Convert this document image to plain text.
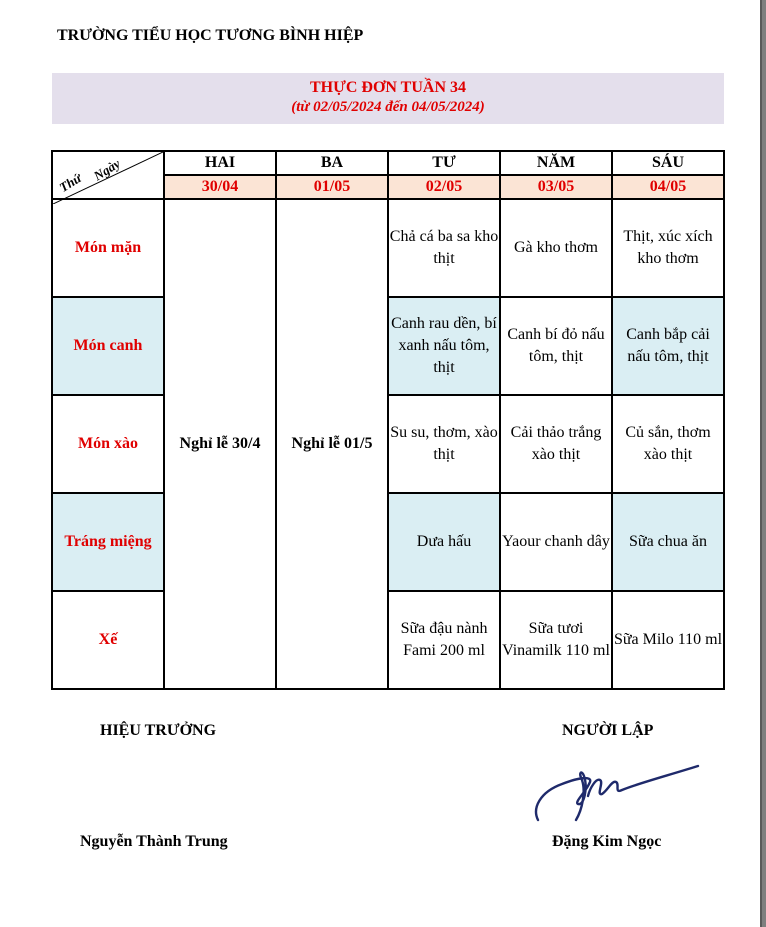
TRƯỜNG TIỂU HỌC TƯƠNG BÌNH HIỆP
THỰC ĐƠN TUẦN 34
(từ 02/05/2024 đến 04/05/2024)
Thứ Ngày	HAI	BA	TƯ	NĂM	SÁU
	30/04	01/05	02/05	03/05	04/05
Món mặn	Nghỉ lễ 30/4	Nghỉ lễ 01/5	Chả cá ba sa kho thịt	Gà kho thơm	Thịt, xúc xích kho thơm
Món canh			Canh rau dền, bí xanh nấu tôm, thịt	Canh bí đỏ nấu tôm, thịt	Canh bắp cải nấu tôm, thịt
Món xào			Su su, thơm, xào thịt	Cải thảo trắng xào thịt	Củ sắn, thơm xào thịt
Tráng miệng			Dưa hấu	Yaour chanh dây	Sữa chua ăn
Xế			Sữa đậu nành Fami 200 ml	Sữa tươi Vinamilk 110 ml	Sữa Milo 110 ml
HIỆU TRƯỞNG	NGƯỜI LẬP
Nguyễn Thành Trung	Đặng Kim Ngọc
